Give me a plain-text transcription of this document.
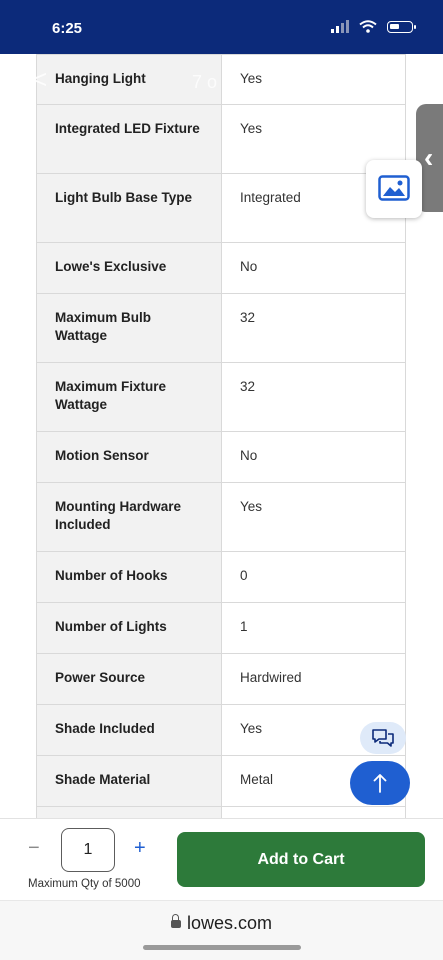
6:25
Hanging Light	Yes
Integrated LED Fixture	Yes
Light Bulb Base Type	Integrated
Lowe's Exclusive	No
Maximum Bulb Wattage	32
Maximum Fixture Wattage	32
Motion Sensor	No
Mounting Hardware Included	Yes
Number of Hooks	0
Number of Lights	1
Power Source	Hardwired
Shade Included	Yes
Shade Material	Metal

<	7 o
‹
−
1	+
Maximum Qty of 5000
Add to Cart
lowes.com
